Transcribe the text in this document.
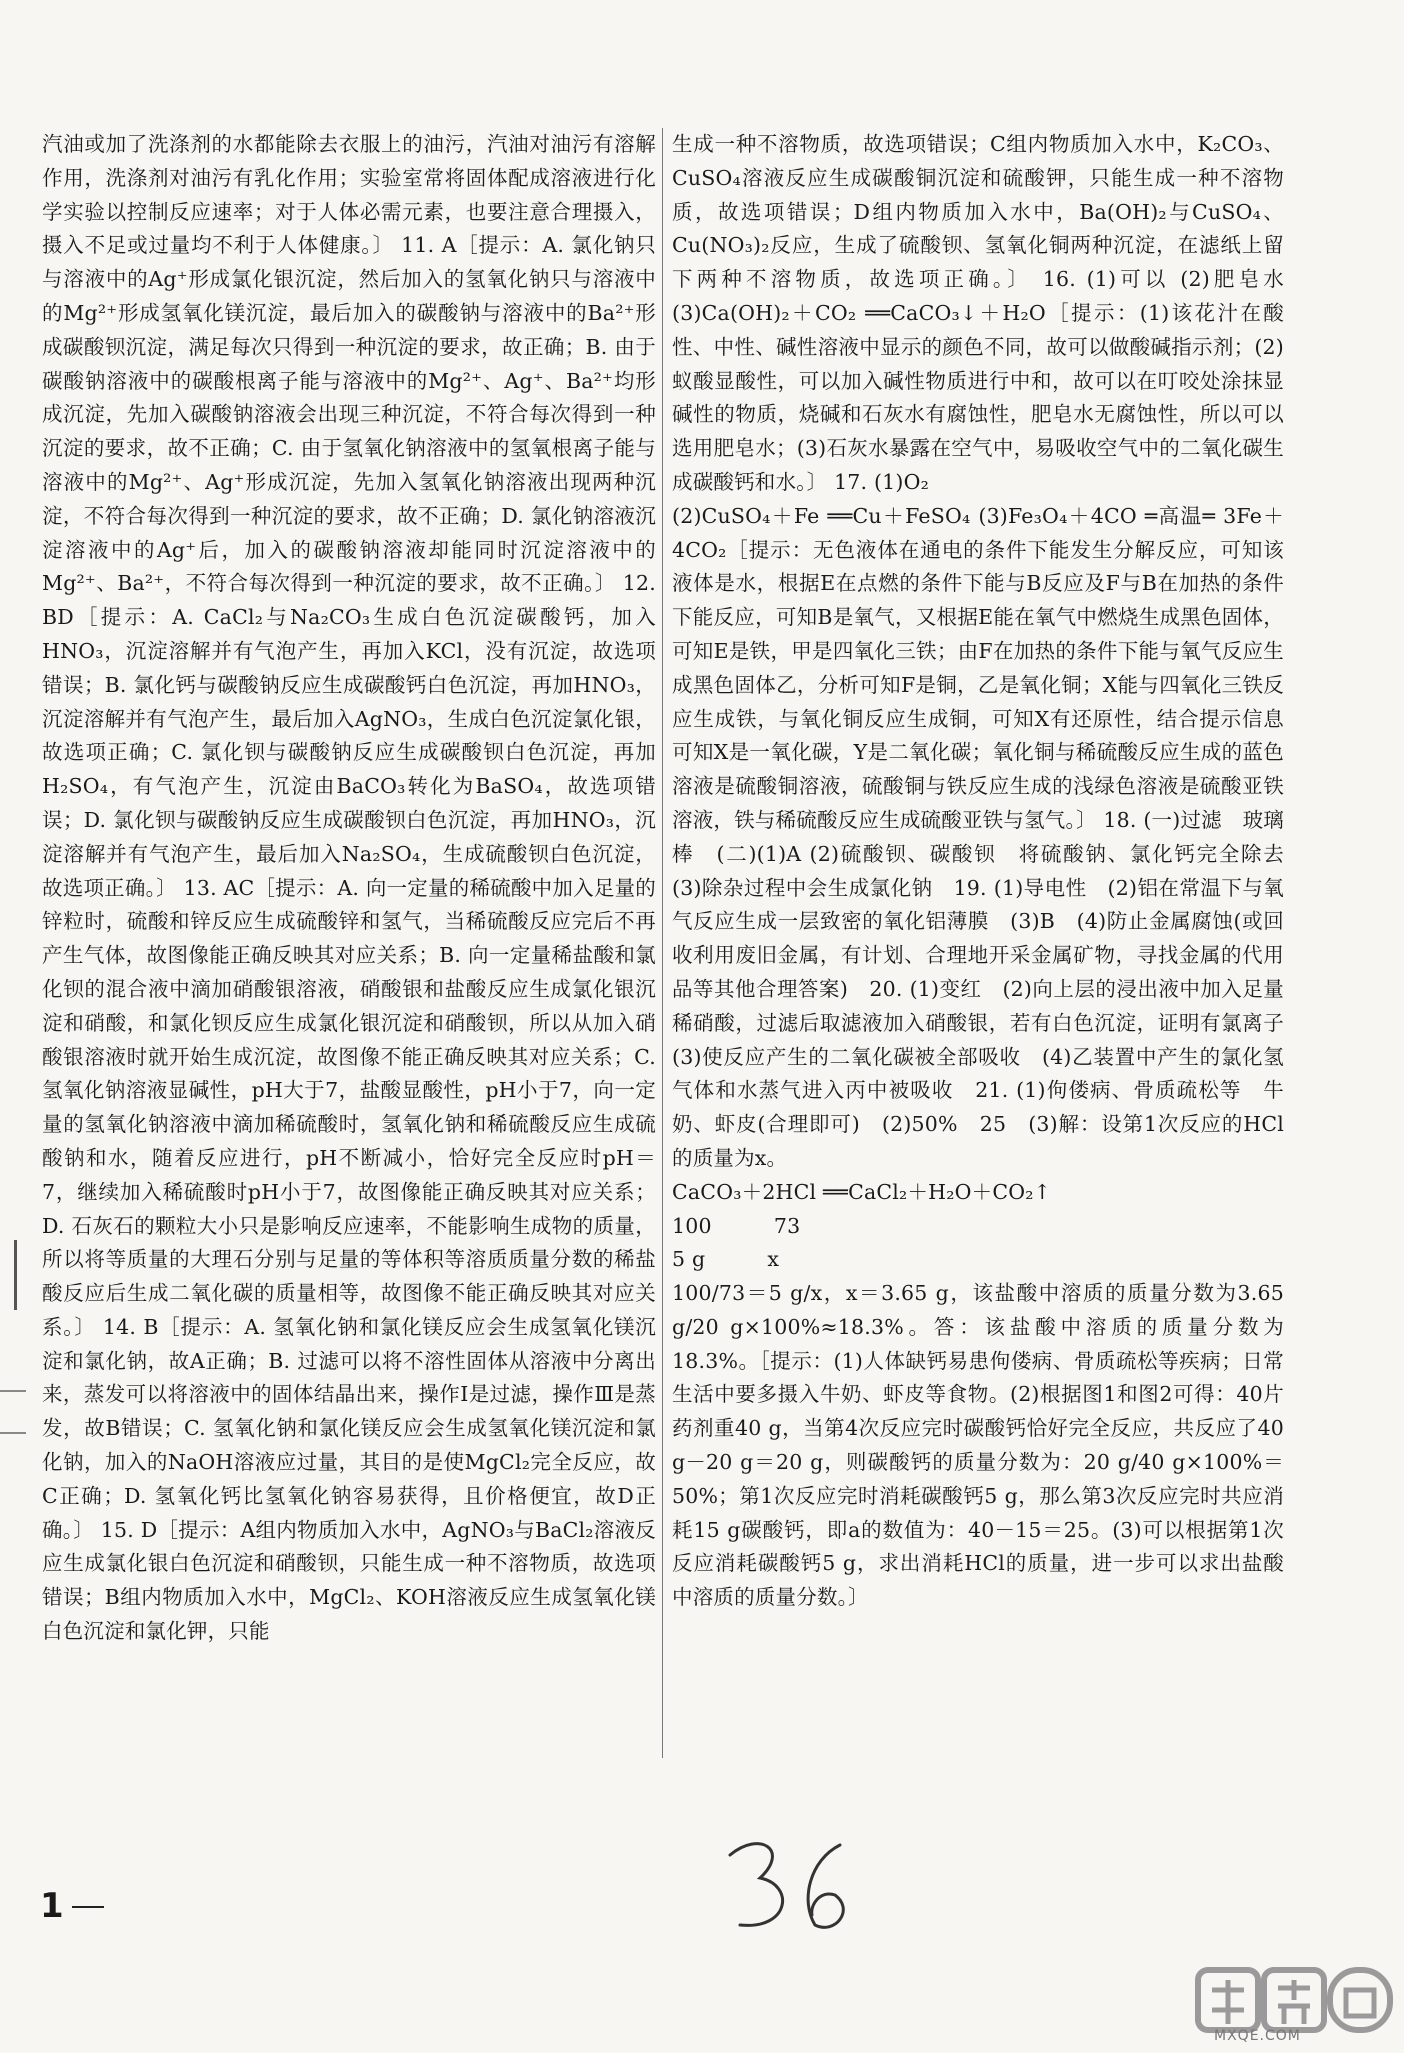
汽油或加了洗涤剂的水都能除去衣服上的油污，汽油对油污有溶解作用，洗涤剂对油污有乳化作用；实验室常将固体配成溶液进行化学实验以控制反应速率；对于人体必需元素，也要注意合理摄入，摄入不足或过量均不利于人体健康。〕 11. A［提示：A. 氯化钠只与溶液中的Ag⁺形成氯化银沉淀，然后加入的氢氧化钠只与溶液中的Mg²⁺形成氢氧化镁沉淀，最后加入的碳酸钠与溶液中的Ba²⁺形成碳酸钡沉淀，满足每次只得到一种沉淀的要求，故正确；B. 由于碳酸钠溶液中的碳酸根离子能与溶液中的Mg²⁺、Ag⁺、Ba²⁺均形成沉淀，先加入碳酸钠溶液会出现三种沉淀，不符合每次得到一种沉淀的要求，故不正确；C. 由于氢氧化钠溶液中的氢氧根离子能与溶液中的Mg²⁺、Ag⁺形成沉淀，先加入氢氧化钠溶液出现两种沉淀，不符合每次得到一种沉淀的要求，故不正确；D. 氯化钠溶液沉淀溶液中的Ag⁺后，加入的碳酸钠溶液却能同时沉淀溶液中的Mg²⁺、Ba²⁺，不符合每次得到一种沉淀的要求，故不正确。〕 12. BD［提示：A. CaCl₂与Na₂CO₃生成白色沉淀碳酸钙，加入HNO₃，沉淀溶解并有气泡产生，再加入KCl，没有沉淀，故选项错误；B. 氯化钙与碳酸钠反应生成碳酸钙白色沉淀，再加HNO₃，沉淀溶解并有气泡产生，最后加入AgNO₃，生成白色沉淀氯化银，故选项正确；C. 氯化钡与碳酸钠反应生成碳酸钡白色沉淀，再加H₂SO₄，有气泡产生，沉淀由BaCO₃转化为BaSO₄，故选项错误；D. 氯化钡与碳酸钠反应生成碳酸钡白色沉淀，再加HNO₃，沉淀溶解并有气泡产生，最后加入Na₂SO₄，生成硫酸钡白色沉淀，故选项正确。〕 13. AC［提示：A. 向一定量的稀硫酸中加入足量的锌粒时，硫酸和锌反应生成硫酸锌和氢气，当稀硫酸反应完后不再产生气体，故图像能正确反映其对应关系；B. 向一定量稀盐酸和氯化钡的混合液中滴加硝酸银溶液，硝酸银和盐酸反应生成氯化银沉淀和硝酸，和氯化钡反应生成氯化银沉淀和硝酸钡，所以从加入硝酸银溶液时就开始生成沉淀，故图像不能正确反映其对应关系；C. 氢氧化钠溶液显碱性，pH大于7，盐酸显酸性，pH小于7，向一定量的氢氧化钠溶液中滴加稀硫酸时，氢氧化钠和稀硫酸反应生成硫酸钠和水，随着反应进行，pH不断减小，恰好完全反应时pH＝7，继续加入稀硫酸时pH小于7，故图像能正确反映其对应关系；D. 石灰石的颗粒大小只是影响反应速率，不能影响生成物的质量，所以将等质量的大理石分别与足量的等体积等溶质质量分数的稀盐酸反应后生成二氧化碳的质量相等，故图像不能正确反映其对应关系。〕 14. B［提示：A. 氢氧化钠和氯化镁反应会生成氢氧化镁沉淀和氯化钠，故A正确；B. 过滤可以将不溶性固体从溶液中分离出来，蒸发可以将溶液中的固体结晶出来，操作Ⅰ是过滤，操作Ⅲ是蒸发，故B错误；C. 氢氧化钠和氯化镁反应会生成氢氧化镁沉淀和氯化钠，加入的NaOH溶液应过量，其目的是使MgCl₂完全反应，故C正确；D. 氢氧化钙比氢氧化钠容易获得，且价格便宜，故D正确。〕 15. D［提示：A组内物质加入水中，AgNO₃与BaCl₂溶液反应生成氯化银白色沉淀和硝酸钡，只能生成一种不溶物质，故选项错误；B组内物质加入水中，MgCl₂、KOH溶液反应生成氢氧化镁白色沉淀和氯化钾，只能

生成一种不溶物质，故选项错误；C组内物质加入水中，K₂CO₃、CuSO₄溶液反应生成碳酸铜沉淀和硫酸钾，只能生成一种不溶物质，故选项错误；D组内物质加入水中，Ba(OH)₂与CuSO₄、Cu(NO₃)₂反应，生成了硫酸钡、氢氧化铜两种沉淀，在滤纸上留下两种不溶物质，故选项正确。〕 16. (1)可以 (2)肥皂水 (3)Ca(OH)₂＋CO₂ ══CaCO₃↓＋H₂O［提示：(1)该花汁在酸性、中性、碱性溶液中显示的颜色不同，故可以做酸碱指示剂；(2)蚁酸显酸性，可以加入碱性物质进行中和，故可以在叮咬处涂抹显碱性的物质，烧碱和石灰水有腐蚀性，肥皂水无腐蚀性，所以可以选用肥皂水；(3)石灰水暴露在空气中，易吸收空气中的二氧化碳生成碳酸钙和水。〕 17. (1)O₂

(2)CuSO₄＋Fe ══Cu＋FeSO₄ (3)Fe₃O₄＋4CO ═高温═ 3Fe＋4CO₂［提示：无色液体在通电的条件下能发生分解反应，可知该液体是水，根据E在点燃的条件下能与B反应及F与B在加热的条件下能反应，可知B是氧气，又根据E能在氧气中燃烧生成黑色固体，可知E是铁，甲是四氧化三铁；由F在加热的条件下能与氧气反应生成黑色固体乙，分析可知F是铜，乙是氧化铜；X能与四氧化三铁反应生成铁，与氧化铜反应生成铜，可知X有还原性，结合提示信息可知X是一氧化碳，Y是二氧化碳；氧化铜与稀硫酸反应生成的蓝色溶液是硫酸铜溶液，硫酸铜与铁反应生成的浅绿色溶液是硫酸亚铁溶液，铁与稀硫酸反应生成硫酸亚铁与氢气。〕 18. (一)过滤　玻璃棒　(二)(1)A (2)硫酸钡、碳酸钡　将硫酸钠、氯化钙完全除去　(3)除杂过程中会生成氯化钠　19. (1)导电性　(2)铝在常温下与氧气反应生成一层致密的氧化铝薄膜　(3)B　(4)防止金属腐蚀(或回收利用废旧金属，有计划、合理地开采金属矿物，寻找金属的代用品等其他合理答案)　20. (1)变红　(2)向上层的浸出液中加入足量稀硝酸，过滤后取滤液加入硝酸银，若有白色沉淀，证明有氯离子　(3)使反应产生的二氧化碳被全部吸收　(4)乙装置中产生的氯化氢气体和水蒸气进入丙中被吸收　21. (1)佝偻病、骨质疏松等　牛奶、虾皮(合理即可)　(2)50%　25　(3)解：设第1次反应的HCl的质量为x。

CaCO₃＋2HCl ══CaCl₂＋H₂O＋CO₂↑

100　　　73

5 g　　　x

100/73＝5 g/x，x＝3.65 g，该盐酸中溶质的质量分数为3.65 g/20 g×100%≈18.3%。答：该盐酸中溶质的质量分数为18.3%。［提示：(1)人体缺钙易患佝偻病、骨质疏松等疾病；日常生活中要多摄入牛奶、虾皮等食物。(2)根据图1和图2可得：40片药剂重40 g，当第4次反应完时碳酸钙恰好完全反应，共反应了40 g－20 g＝20 g，则碳酸钙的质量分数为：20 g/40 g×100%＝50%；第1次反应完时消耗碳酸钙5 g，那么第3次反应完时共应消耗15 g碳酸钙，即a的数值为：40－15＝25。(3)可以根据第1次反应消耗碳酸钙5 g，求出消耗HCl的质量，进一步可以求出盐酸中溶质的质量分数。〕

1
MXQE.COM
